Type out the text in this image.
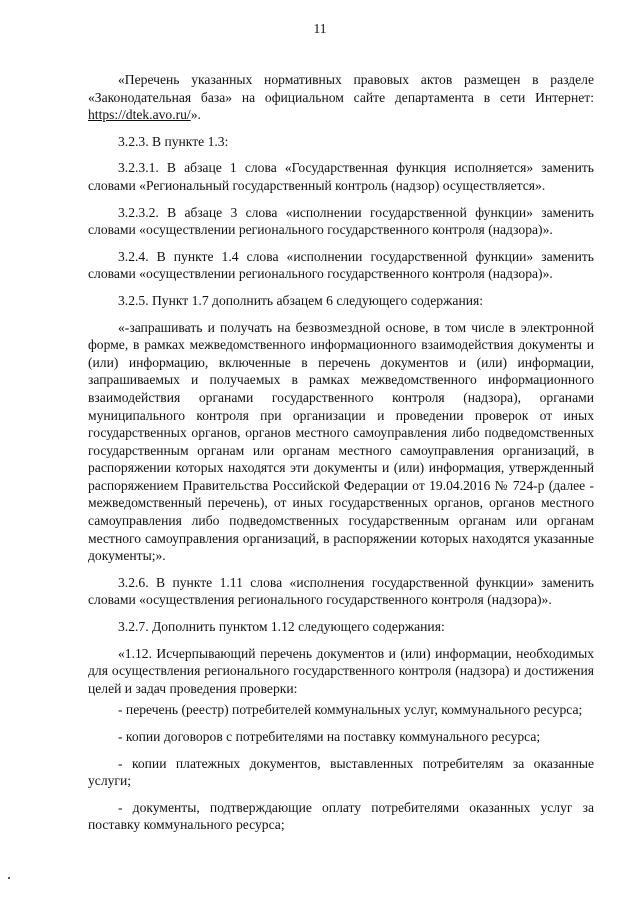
11

«Перечень указанных нормативных правовых актов размещен в разделе «Законодательная база» на официальном сайте департамента в сети Интернет: https://dtek.avo.ru/».

3.2.3. В пункте 1.3:

3.2.3.1. В абзаце 1 слова «Государственная функция исполняется» заменить словами «Региональный государственный контроль (надзор) осуществляется».

3.2.3.2. В абзаце 3 слова «исполнении государственной функции» заменить словами «осуществлении регионального государственного контроля (надзора)».

3.2.4. В пункте 1.4 слова «исполнении государственной функции» заменить словами «осуществлении регионального государственного контроля (надзора)».

3.2.5. Пункт 1.7 дополнить абзацем 6 следующего содержания:

«-запрашивать и получать на безвозмездной основе, в том числе в электронной форме, в рамках межведомственного информационного взаимодействия документы и (или) информацию, включенные в перечень документов и (или) информации, запрашиваемых и получаемых в рамках межведомственного информационного взаимодействия органами государственного контроля (надзора), органами муниципального контроля при организации и проведении проверок от иных государственных органов, органов местного самоуправления либо подведомственных государственным органам или органам местного самоуправления организаций, в распоряжении которых находятся эти документы и (или) информация, утвержденный распоряжением Правительства Российской Федерации от 19.04.2016 № 724-р (далее - межведомственный перечень), от иных государственных органов, органов местного самоуправления либо подведомственных государственным органам или органам местного самоуправления организаций, в распоряжении которых находятся указанные документы;».

3.2.6. В пункте 1.11 слова «исполнения государственной функции» заменить словами «осуществления регионального государственного контроля (надзора)».

3.2.7. Дополнить пунктом 1.12 следующего содержания:

«1.12. Исчерпывающий перечень документов и (или) информации, необходимых для осуществления регионального государственного контроля (надзора) и достижения целей и задач проведения проверки:

- перечень (реестр) потребителей коммунальных услуг, коммунального ресурса;

- копии договоров с потребителями на поставку коммунального ресурса;

- копии платежных документов, выставленных потребителям за оказанные услуги;

- документы, подтверждающие оплату потребителями оказанных услуг за поставку коммунального ресурса;
